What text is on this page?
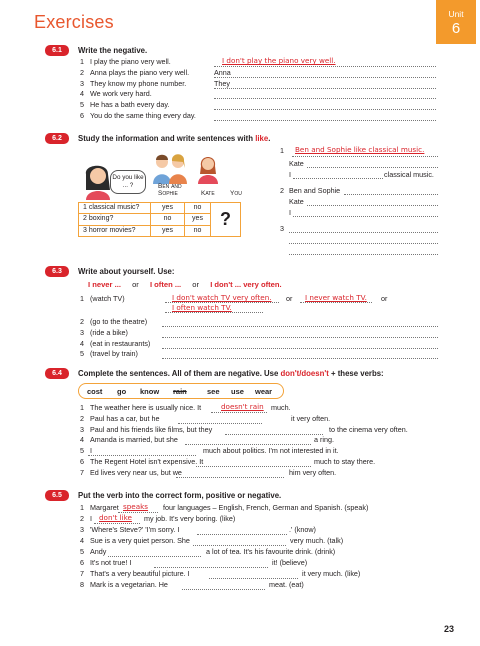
Exercises	Unit
6
6.1	Write the negative.
1 I play the piano very well.	I don't play the piano very well.
2 Anna plays the piano very well.	Anna
3 They know my phone number.	They
4 We work very hard.
5 He has a bath every day.
6 You do the same thing every day.
6.2	Study the information and write sentences with like.
Do you like ... ?	Ben and Sophie	Kate You
1 classical music?	yes	no	?
2 boxing?	no	yes	
3 horror movies?	yes	no	
1 Ben and Sophie like classical music.
Kate
I	classical music.
2 Ben and Sophie
Kate
I
3
6.3	Write about yourself. Use:
I never ... or I often ... or I don't ... very often.
1 (watch TV)
2 (go to the theatre)
3 (ride a bike)
4 (eat in restaurants)
5 (travel by train)
I don't watch TV very often. or I never watch TV. or
I often watch TV.
6.4	Complete the sentences. All of them are negative. Use don't/doesn't + these verbs:
cost go know rain	see use wear
1 The weather here is usually nice. It	doesn't rain much.
2 Paul has a car, but he	it very often.
3 Paul and his friends like films, but they	to the cinema very often.
4 Amanda is married, but she	a ring.
5 I	much about politics. I'm not interested in it.
6 The Regent Hotel isn't expensive. It	much to stay there.
7 Ed lives very near us, but we	him very often.
6.5	Put the verb into the correct form, positive or negative.
1 Margaret speaks four languages – English, French, German and Spanish. (speak)
2 I don't like my job. It's very boring. (like)
3 'Where's Steve?' 'I'm sorry. I	.' (know)
4 Sue is a very quiet person. She	very much. (talk)
5 Andy	a lot of tea. It's his favourite drink. (drink)
6 It's not true! I	it! (believe)
7 That's a very beautiful picture. I	it very much. (like)
8 Mark is a vegetarian. He	meat. (eat)
23
